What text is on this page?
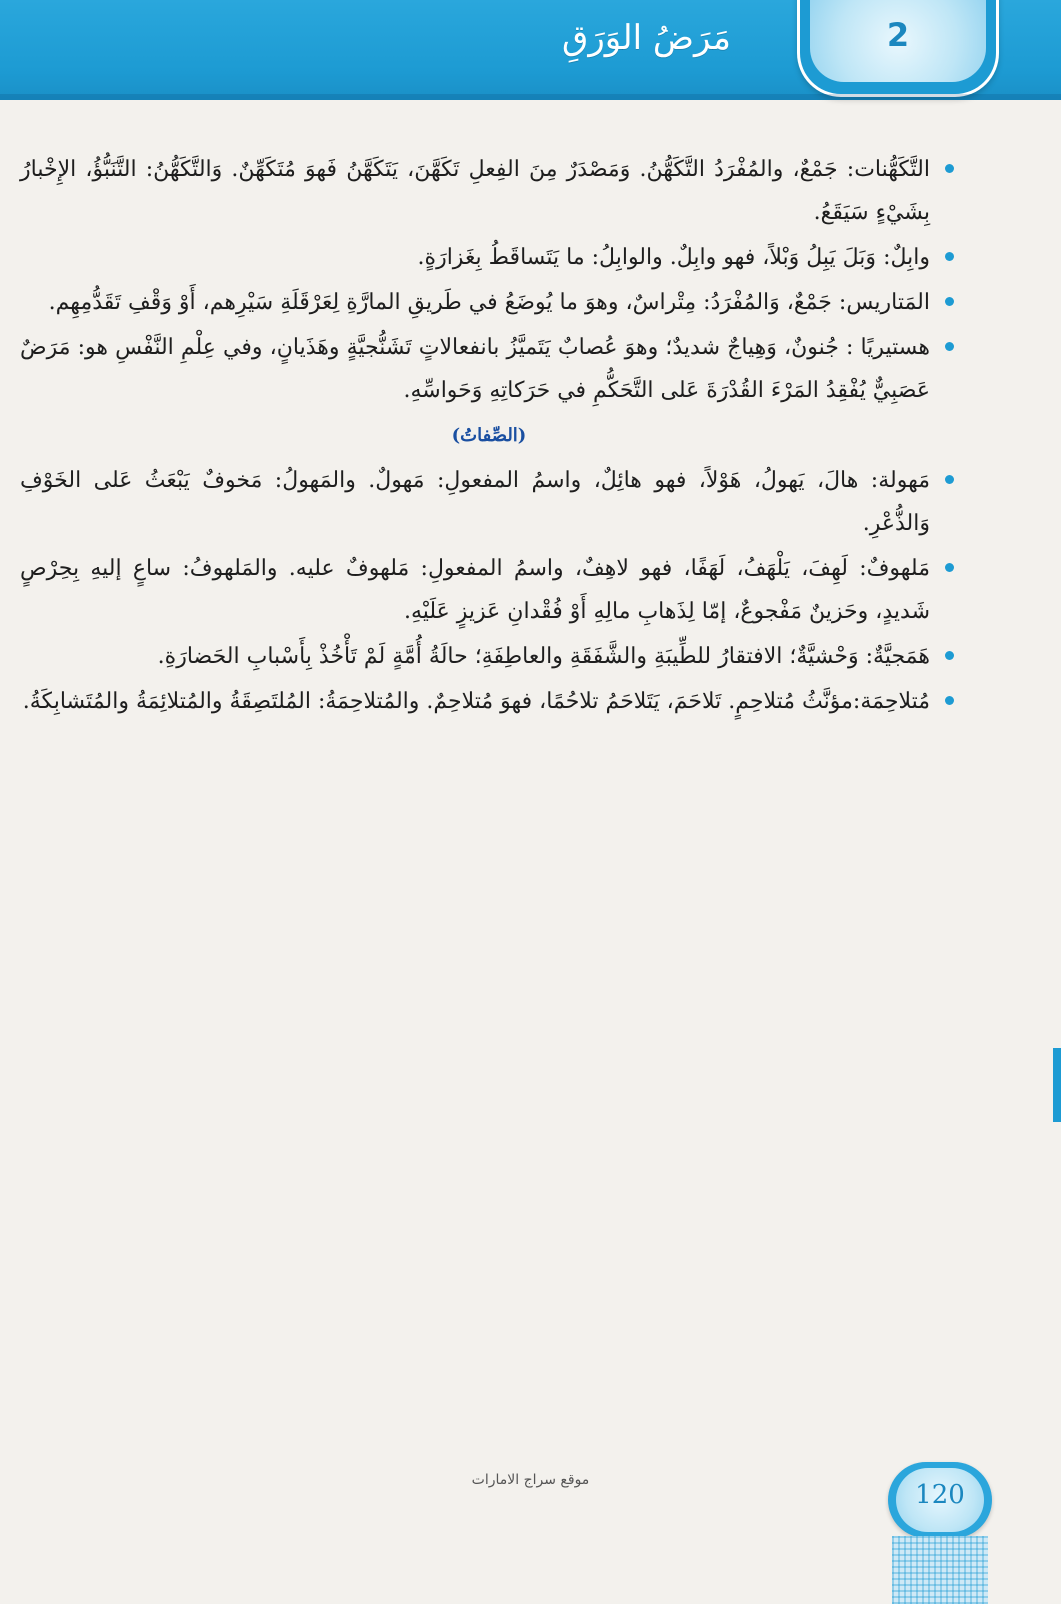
مَرَضُ الوَرَقِ	2
التَّكَهُّنات: جَمْعٌ، والمُفْرَدُ التَّكَهُّنُ. وَمَصْدَرٌ مِنَ الفِعلِ تَكَهَّنَ، يَتَكَهَّنُ فَهوَ مُتَكَهِّنٌ. وَالتَّكَهُّنُ: التَّنَبُّؤُ، الإِخْبارُ بِشَيْءٍ سَيَقَعُ.
وابِلٌ: وَبَلَ يَبِلُ وَبْلاً، فهو وابِلٌ. والوابِلُ: ما يَتَساقَطُ بِغَزارَةٍ.
المَتاريس: جَمْعٌ، وَالمُفْرَدُ: مِتْراسٌ، وهوَ ما يُوضَعُ في طَريقِ المارَّةِ لِعَرْقَلَةِ سَيْرِهم، أَوْ وَقْفِ تَقَدُّمِهِم.
هستيريًا : جُنونٌ، وَهِياجٌ شديدٌ؛ وهوَ عُصابٌ يَتَميَّزُ بانفعالاتٍ تَشَنُّجيَّةٍ وهَذَيانٍ، وفي عِلْمِ النَّفْسِ هو: مَرَضٌ عَصَبِيٌّ يُفْقِدُ المَرْءَ القُدْرَةَ عَلى التَّحَكُّمِ في حَرَكاتِهِ وَحَواسِّهِ.
(الصِّفاتُ)
مَهولة: هالَ، يَهولُ، هَوْلاً، فهو هائِلٌ، واسمُ المفعولِ: مَهولٌ. والمَهولُ: مَخوفٌ يَبْعَثُ عَلى الخَوْفِ وَالذُّعْرِ.
مَلهوفٌ: لَهِفَ، يَلْهَفُ، لَهَفًا، فهو لاهِفٌ، واسمُ المفعولِ: مَلهوفٌ عليه. والمَلهوفُ: ساعٍ إليهِ بِحِرْصٍ شَديدٍ، وحَزينٌ مَفْجوعٌ، إمّا لِذَهابِ مالِهِ أَوْ فُقْدانِ عَزيزٍ عَلَيْهِ.
هَمَجيَّةٌ: وَحْشيَّةٌ؛ الافتقارُ للطِّيبَةِ والشَّفَقَةِ والعاطِفَةِ؛ حالَةُ أُمَّةٍ لَمْ تَأْخُذْ بِأَسْبابِ الحَضارَةِ.
مُتلاحِمَة:مؤنَّثُ مُتلاحِمٍ. تَلاحَمَ، يَتَلاحَمُ تلاحُمًا، فهوَ مُتلاحِمٌ. والمُتلاحِمَةُ: المُلتَصِقَةُ والمُتلائِمَةُ والمُتَشابِكَةُ.
موقع سراج الامارات	120
